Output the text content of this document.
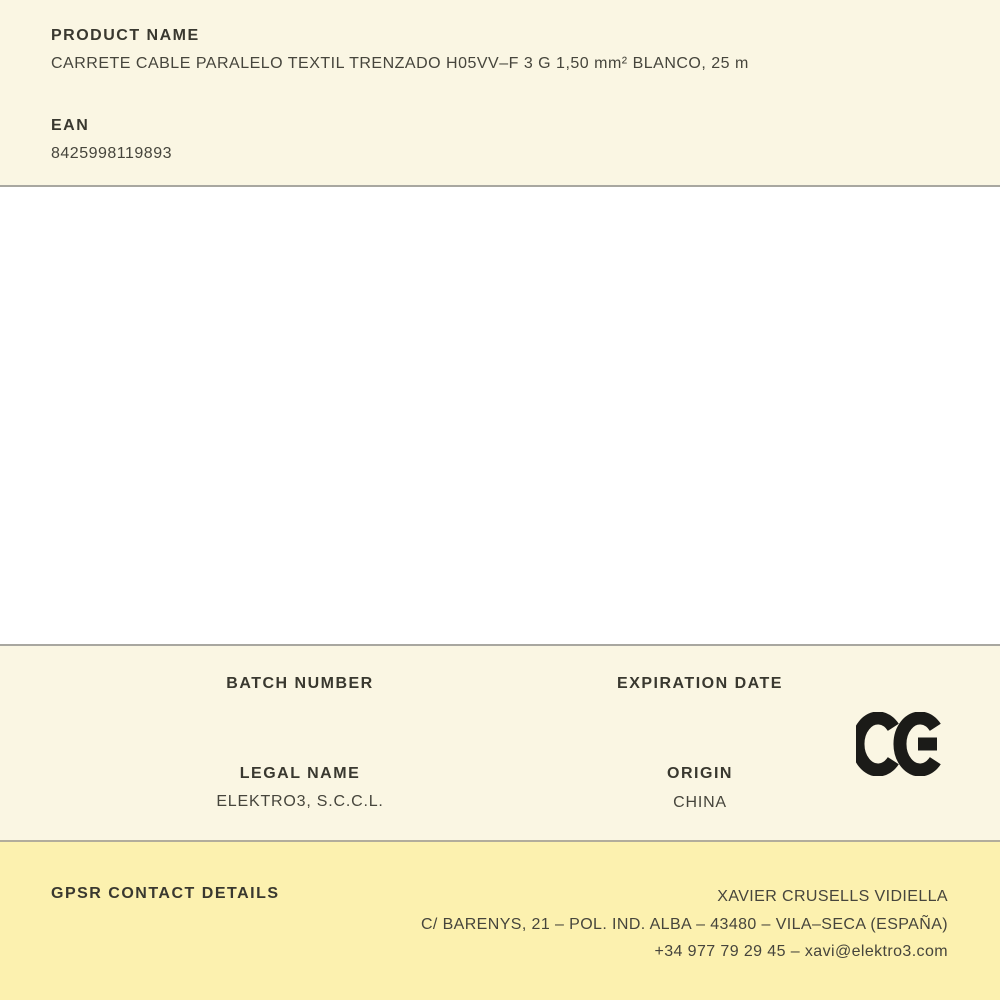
PRODUCT NAME
CARRETE CABLE PARALELO TEXTIL TRENZADO H05VV–F 3 G 1,50 mm² BLANCO, 25 m
EAN
8425998119893
BATCH NUMBER	EXPIRATION DATE
LEGAL NAME
ELEKTRO3, S.C.C.L.
ORIGIN
CHINA
GPSR CONTACT DETAILS	XAVIER CRUSELLS VIDIELLA
C/ BARENYS, 21 – POL. IND. ALBA – 43480 – VILA–SECA (ESPAÑA)
+34 977 79 29 45 – xavi@elektro3.com
